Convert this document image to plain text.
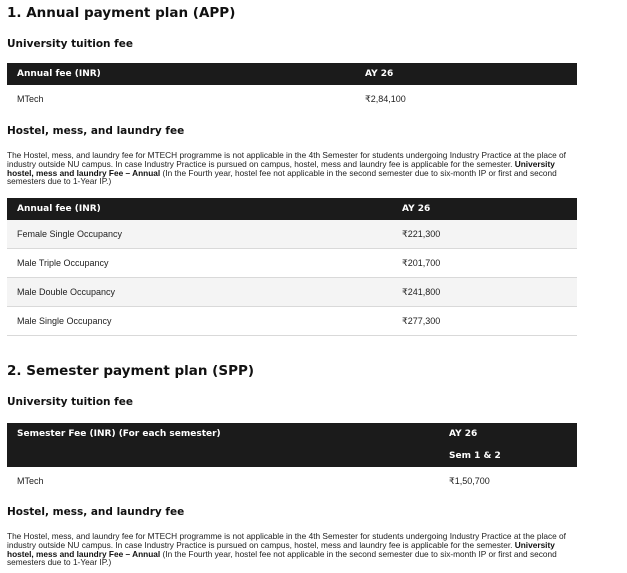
1. Annual payment plan (APP)
University tuition fee
Annual fee (INR)	AY 26
MTech	₹2,84,100
Hostel, mess, and laundry fee
The Hostel, mess, and laundry fee for MTECH programme is not applicable in the 4th Semester for students undergoing Industry Practice at the place of industry outside NU campus. In case Industry Practice is pursued on campus, hostel, mess and laundry fee is applicable for the semester. University hostel, mess and laundry Fee – Annual (In the Fourth year, hostel fee not applicable in the second semester due to six-month IP or first and second semesters due to 1-Year IP.)
Annual fee (INR)	AY 26
Female Single Occupancy	₹221,300
Male Triple Occupancy	₹201,700
Male Double Occupancy	₹241,800
Male Single Occupancy	₹277,300
2. Semester payment plan (SPP)
University tuition fee
Semester Fee (INR) (For each semester)	AY 26
Sem 1 & 2
MTech	₹1,50,700
Hostel, mess, and laundry fee
The Hostel, mess, and laundry fee for MTECH programme is not applicable in the 4th Semester for students undergoing Industry Practice at the place of industry outside NU campus. In case Industry Practice is pursued on campus, hostel, mess and laundry fee is applicable for the semester. University hostel, mess and laundry Fee – Annual (In the Fourth year, hostel fee not applicable in the second semester due to six-month IP or first and second semesters due to 1-Year IP.)
